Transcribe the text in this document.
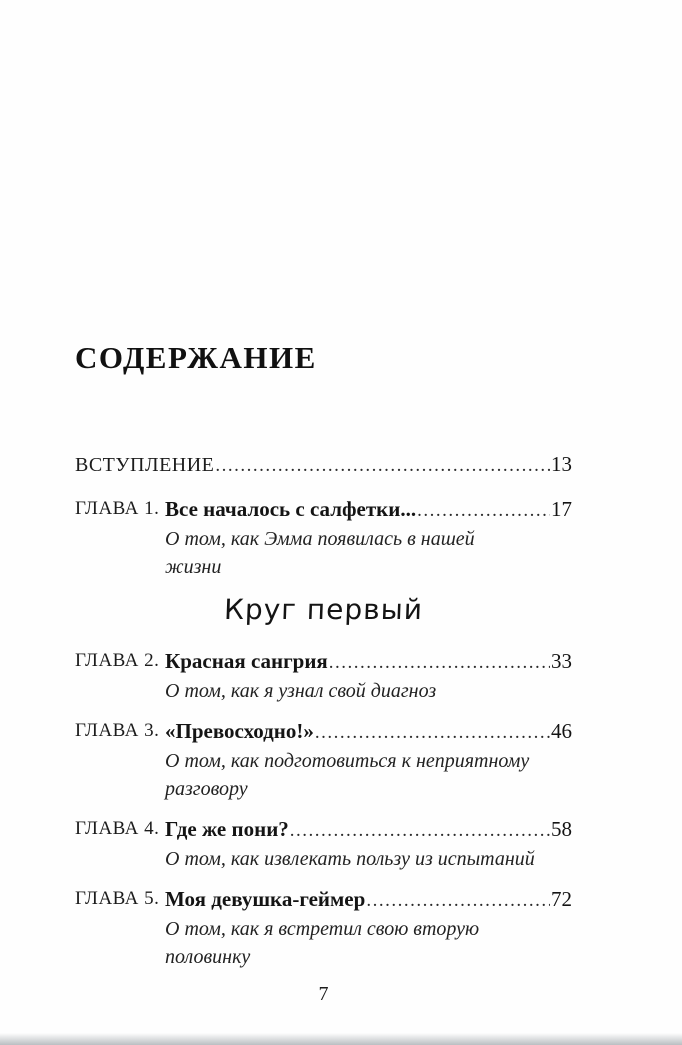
СОДЕРЖАНИЕ
ВСТУПЛЕНИЕ .....	13
ГЛАВА 1. Все началось с салфетки... .....	17
О том, как Эмма появилась в нашей
жизни
Круг первый
ГЛАВА 2. Красная сангрия .....	33
О том, как я узнал свой диагноз
ГЛАВА 3. «Превосходно!» .....	46
О том, как подготовиться к неприятному
разговору
ГЛАВА 4. Где же пони? .....	58
О том, как извлекать пользу из испытаний
ГЛАВА 5. Моя девушка-геймер .....	72
О том, как я встретил свою вторую
половинку
7
